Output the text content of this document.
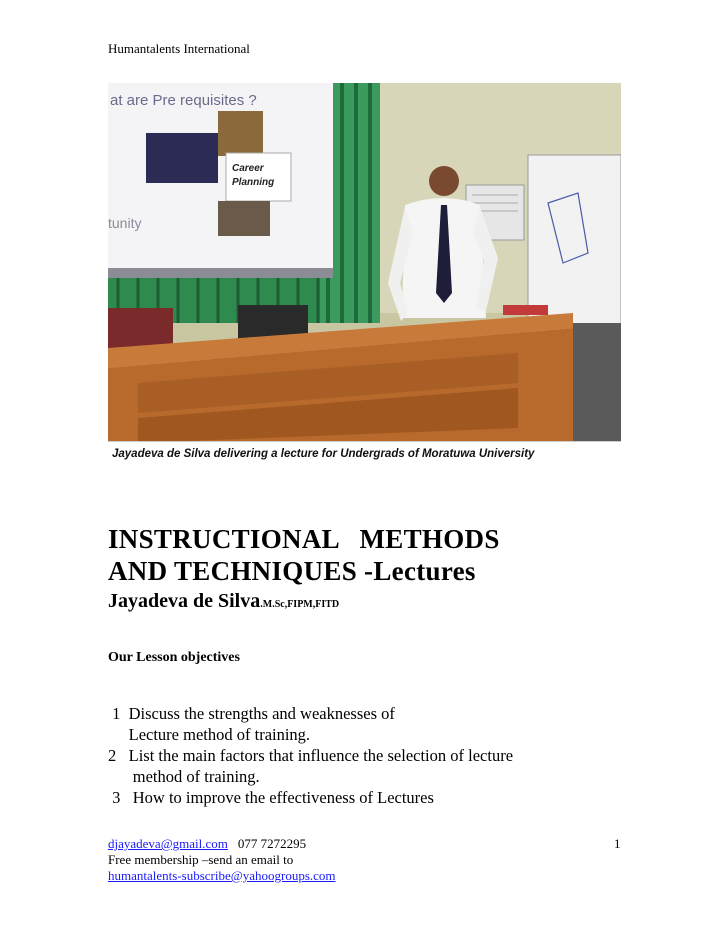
Humantalents International
at are Pre requisites ?
Career
Planning
tunity
Jayadeva de Silva delivering a lecture for Undergrads of Moratuwa University
INSTRUCTIONAL METHODS
AND TECHNIQUES -Lectures
Jayadeva de Silva.M.Sc,FIPM,FITD
Our Lesson objectives
1  Discuss the strengths and weaknesses of
Lecture method of training.
2   List the main factors that influence the selection of lecture
method of training.
3   How to improve the effectiveness of Lectures
djayadeva@gmail.com 077 7272295
Free membership –send an email to
humantalents-subscribe@yahoogroups.com
1
